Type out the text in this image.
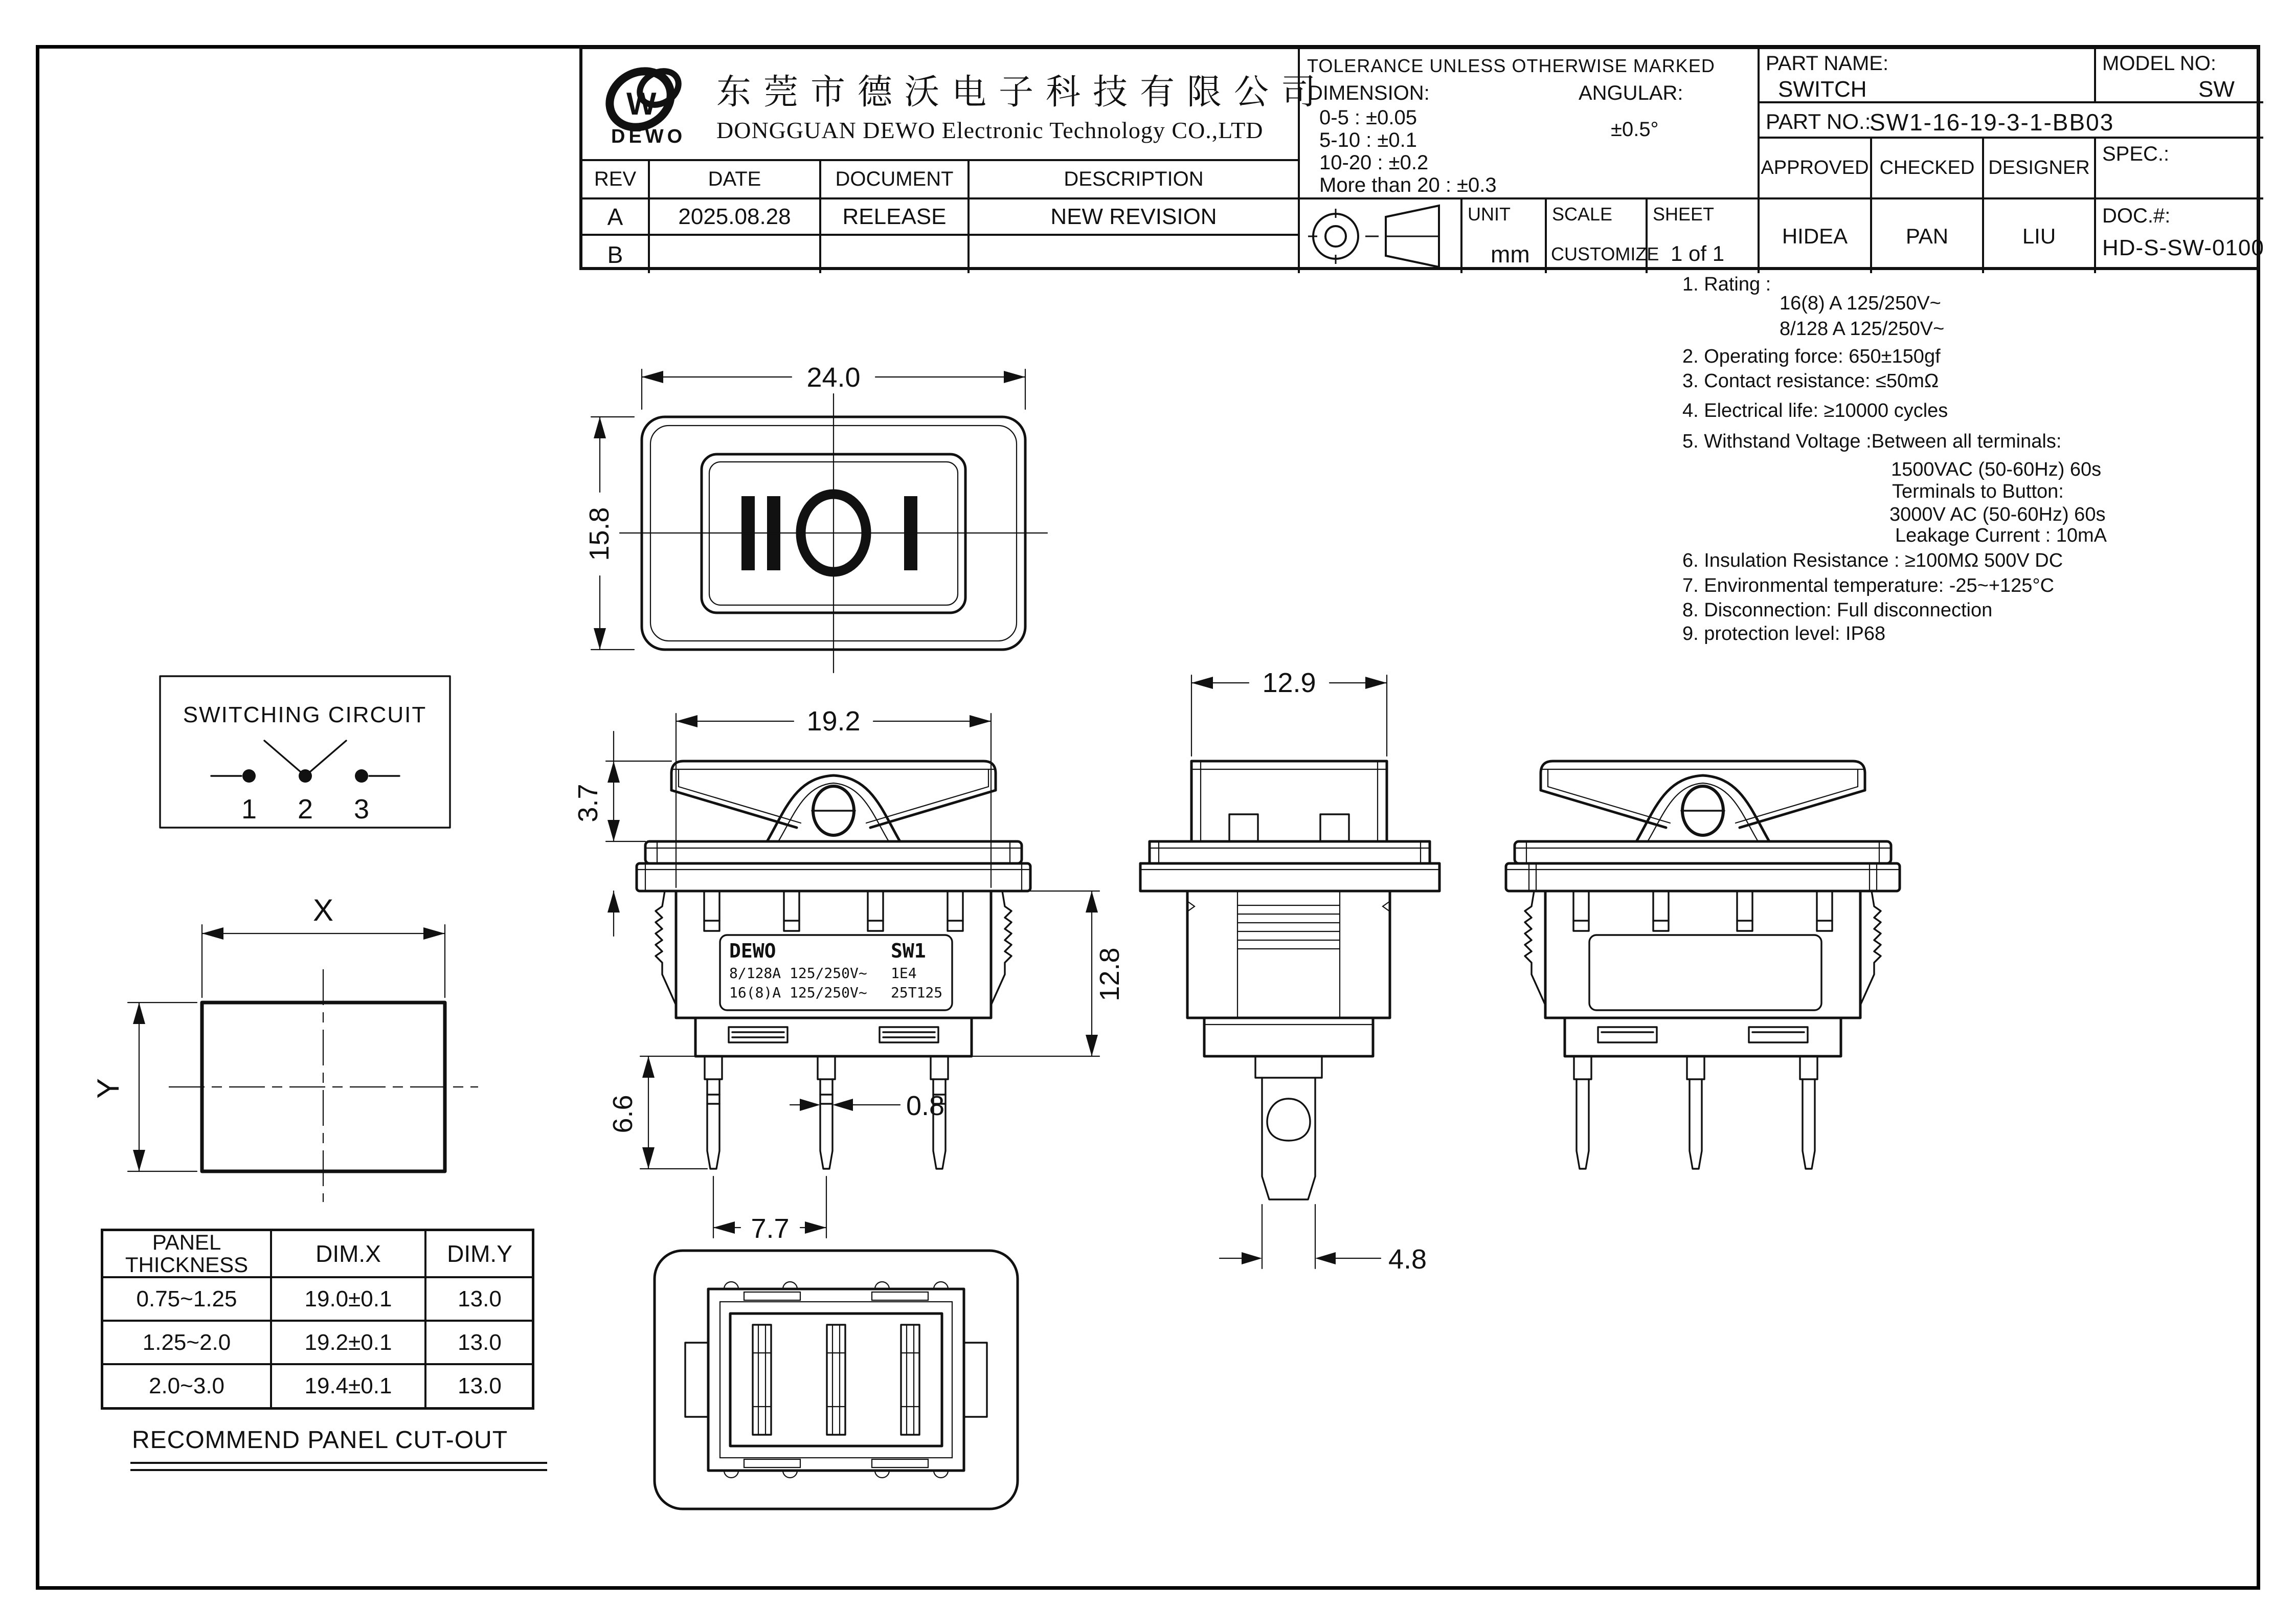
24.0
15.8
DEWO	SW1
8/128A 125/250V~ 1E4
16(8)A 125/250V~ 25T125
19.2
3.7
12.8
6.6	0.8
7.7
12.9
4.8
X
Y
SWITCHING CIRCUIT
1 2 3
W
DEWO
东莞市德沃电子科技有限公司
DONGGUAN DEWO Electronic Technology CO.,LTD
REV	DATE	DOCUMENT	DESCRIPTION
A	2025.08.28	RELEASE	NEW REVISION
B
TOLERANCE UNLESS OTHERWISE MARKED
DIMENSION:	ANGULAR:
0-5 : ±0.05
5-10 : ±0.1
10-20 : ±0.2
More than 20 : ±0.3
±0.5°
UNIT
mm
SCALE
CUSTOMIZE
SHEET
1 of 1
PART NAME:
SWITCH
MODEL NO:
SW
PART NO.:
SW1-16-19-3-1-BB03
APPROVED CHECKED DESIGNER
SPEC.:
HIDEA	PAN	LIU
DOC.#:
HD-S-SW-0100
1. Rating :
16(8) A 125/250V~
8/128 A 125/250V~
2. Operating force: 650±150gf
3. Contact resistance: ≤50mΩ
4. Electrical life: ≥10000 cycles
5. Withstand Voltage :Between all terminals:
1500VAC (50-60Hz) 60s
Terminals to Button:
3000V AC (50-60Hz) 60s
Leakage Current : 10mA
6. Insulation Resistance : ≥100MΩ 500V DC
7. Environmental temperature: -25~+125°C
8. Disconnection: Full disconnection
9. protection level: IP68
PANEL
THICKNESS	DIM.X	DIM.Y
0.75~1.25	19.0±0.1	13.0
1.25~2.0	19.2±0.1	13.0
2.0~3.0	19.4±0.1	13.0
RECOMMEND PANEL CUT-OUT
